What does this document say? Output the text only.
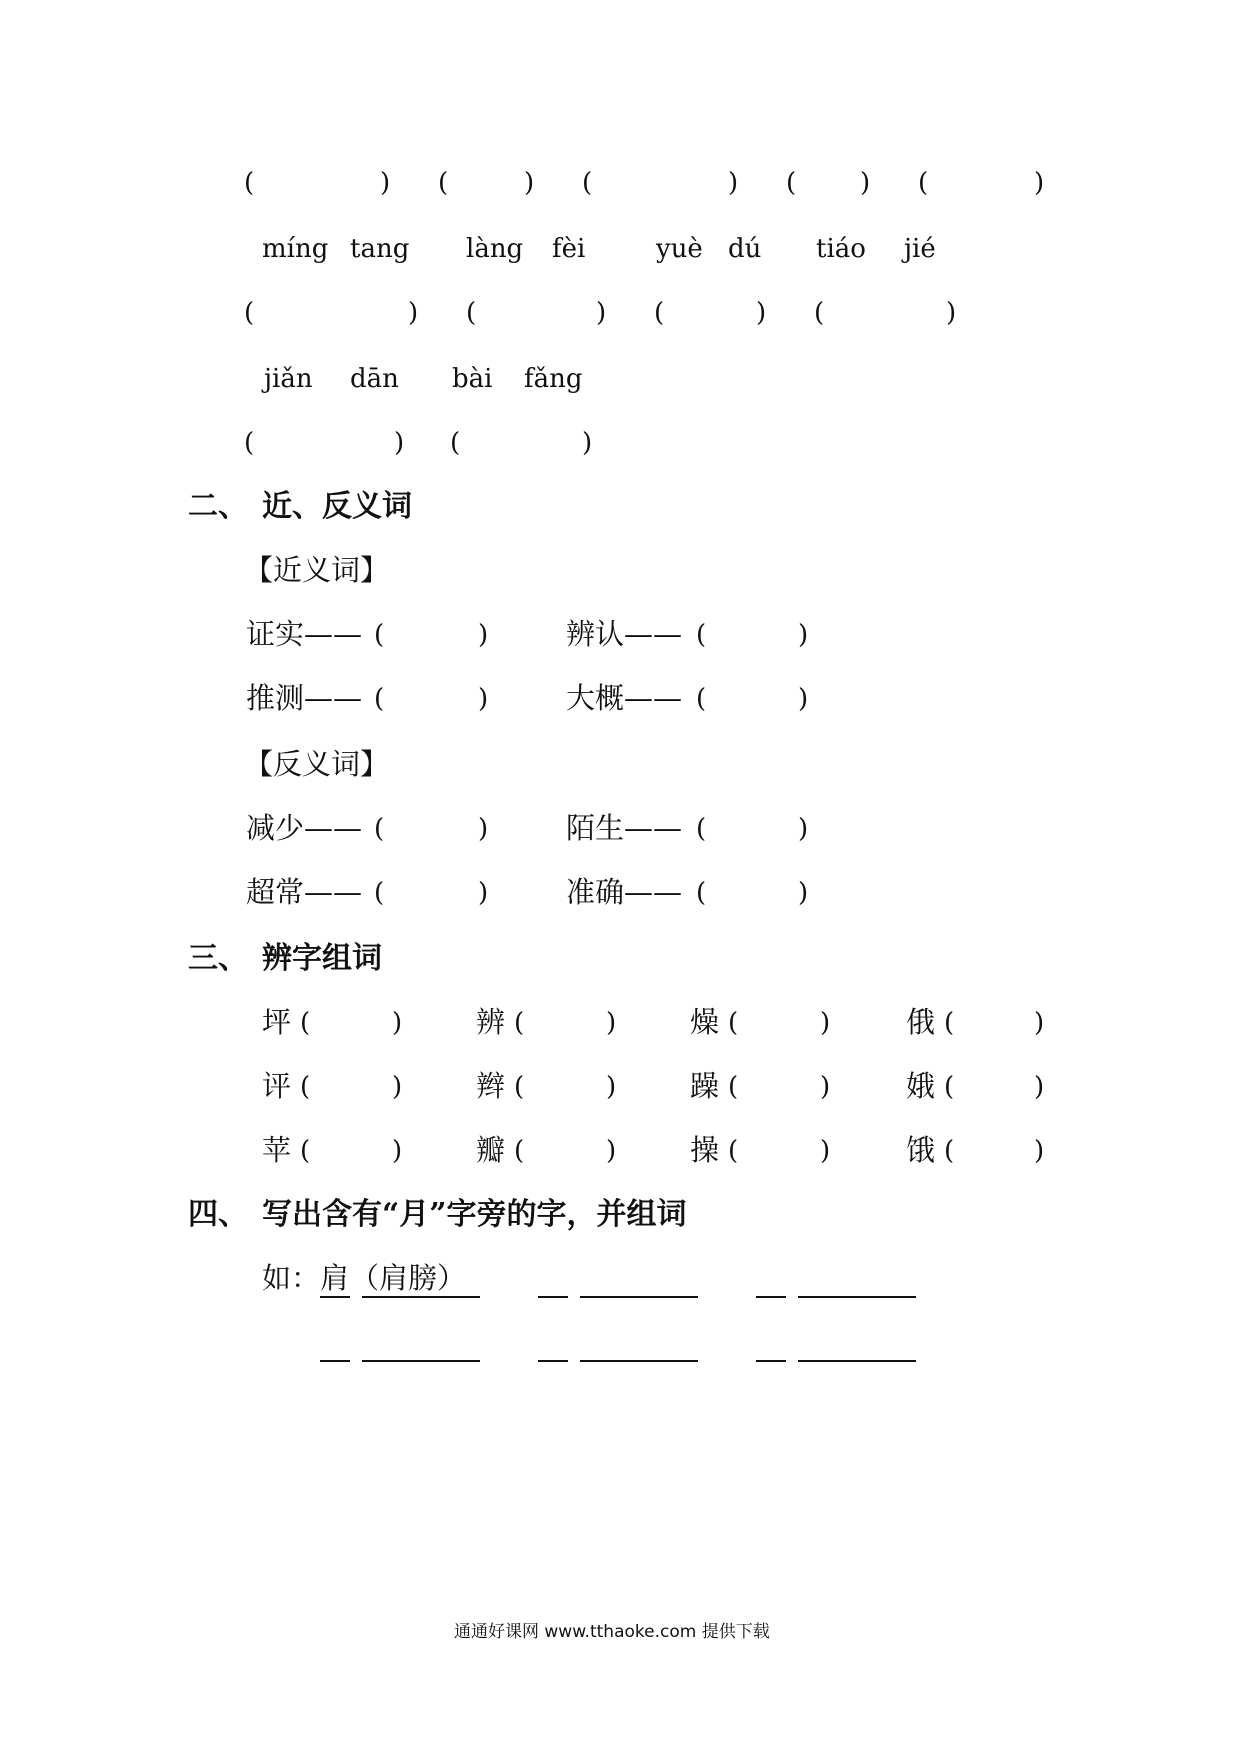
(	) (	) (	) ( ) (	)
míng tang làng fèi	yuè dú tiáo jié
(	) (	) (	) (	)
jiǎn dān bài fǎng
(	) (	)
二、 近、反义词
【近义词】
证实—— (	)	辨认—— (	)
推测—— (	)	大概—— (	)
【反义词】
减少—— (	)	陌生—— (	)
超常—— (	)	准确—— (	)
三、 辨字组词
坪 (	)	辨 (	)	燥 (	)	俄 (	)
评 (	)	辫 (	)	躁 (	)	娥 (	)
苹 (	)	瓣 (	)	操 (	)	饿 (	)
四、 写出含有“月”字旁的字，并组词
如： 肩 （肩膀）
通通好课网 www.tthaoke.com 提供下载
